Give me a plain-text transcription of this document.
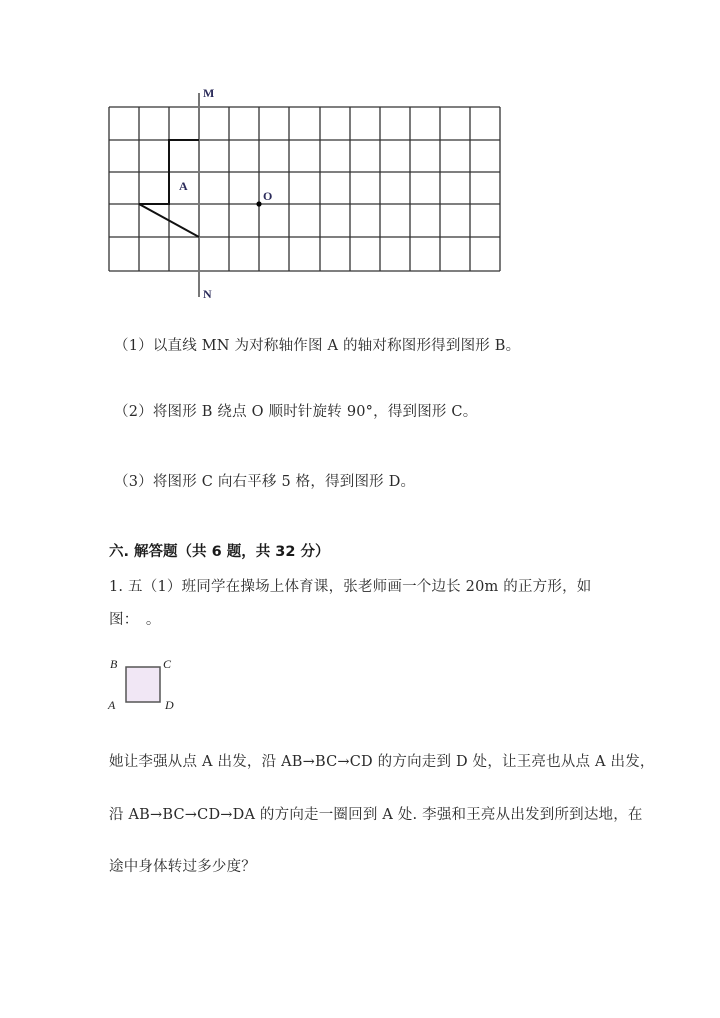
M
N
A
O
（1）以直线 MN 为对称轴作图 A 的轴对称图形得到图形 B。
（2）将图形 B 绕点 O 顺时针旋转 90°，得到图形 C。
（3）将图形 C 向右平移 5 格，得到图形 D。
六. 解答题（共 6 题，共 32 分）
1. 五（1）班同学在操场上体育课，张老师画一个边长 20m 的正方形，如
图：　。
B	C
A	D
她让李强从点 A 出发，沿 AB→BC→CD 的方向走到 D 处，让王亮也从点 A 出发，
沿 AB→BC→CD→DA 的方向走一圈回到 A 处. 李强和王亮从出发到所到达地，在
途中身体转过多少度？
